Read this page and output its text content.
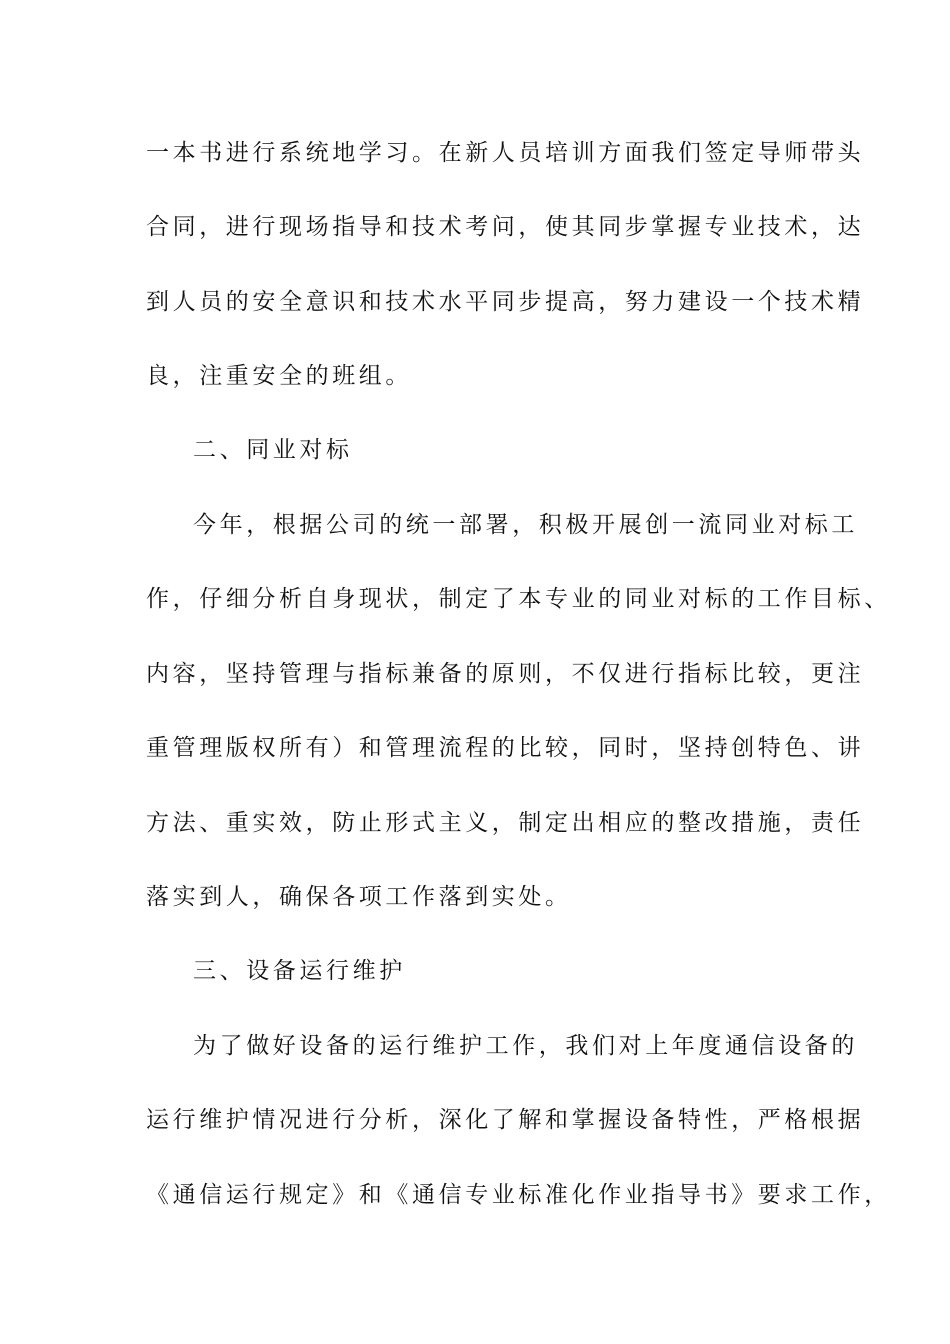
一本书进行系统地学习。在新人员培训方面我们签定导师带头
合同，进行现场指导和技术考问，使其同步掌握专业技术，达
到人员的安全意识和技术水平同步提高，努力建设一个技术精
良，注重安全的班组。
二、同业对标
今年，根据公司的统一部署，积极开展创一流同业对标工
作，仔细分析自身现状，制定了本专业的同业对标的工作目标、
内容，坚持管理与指标兼备的原则，不仅进行指标比较，更注
重管理版权所有）和管理流程的比较，同时，坚持创特色、讲
方法、重实效，防止形式主义，制定出相应的整改措施，责任
落实到人，确保各项工作落到实处。
三、设备运行维护
为了做好设备的运行维护工作，我们对上年度通信设备的
运行维护情况进行分析，深化了解和掌握设备特性，严格根据
《通信运行规定》和《通信专业标准化作业指导书》要求工作，
